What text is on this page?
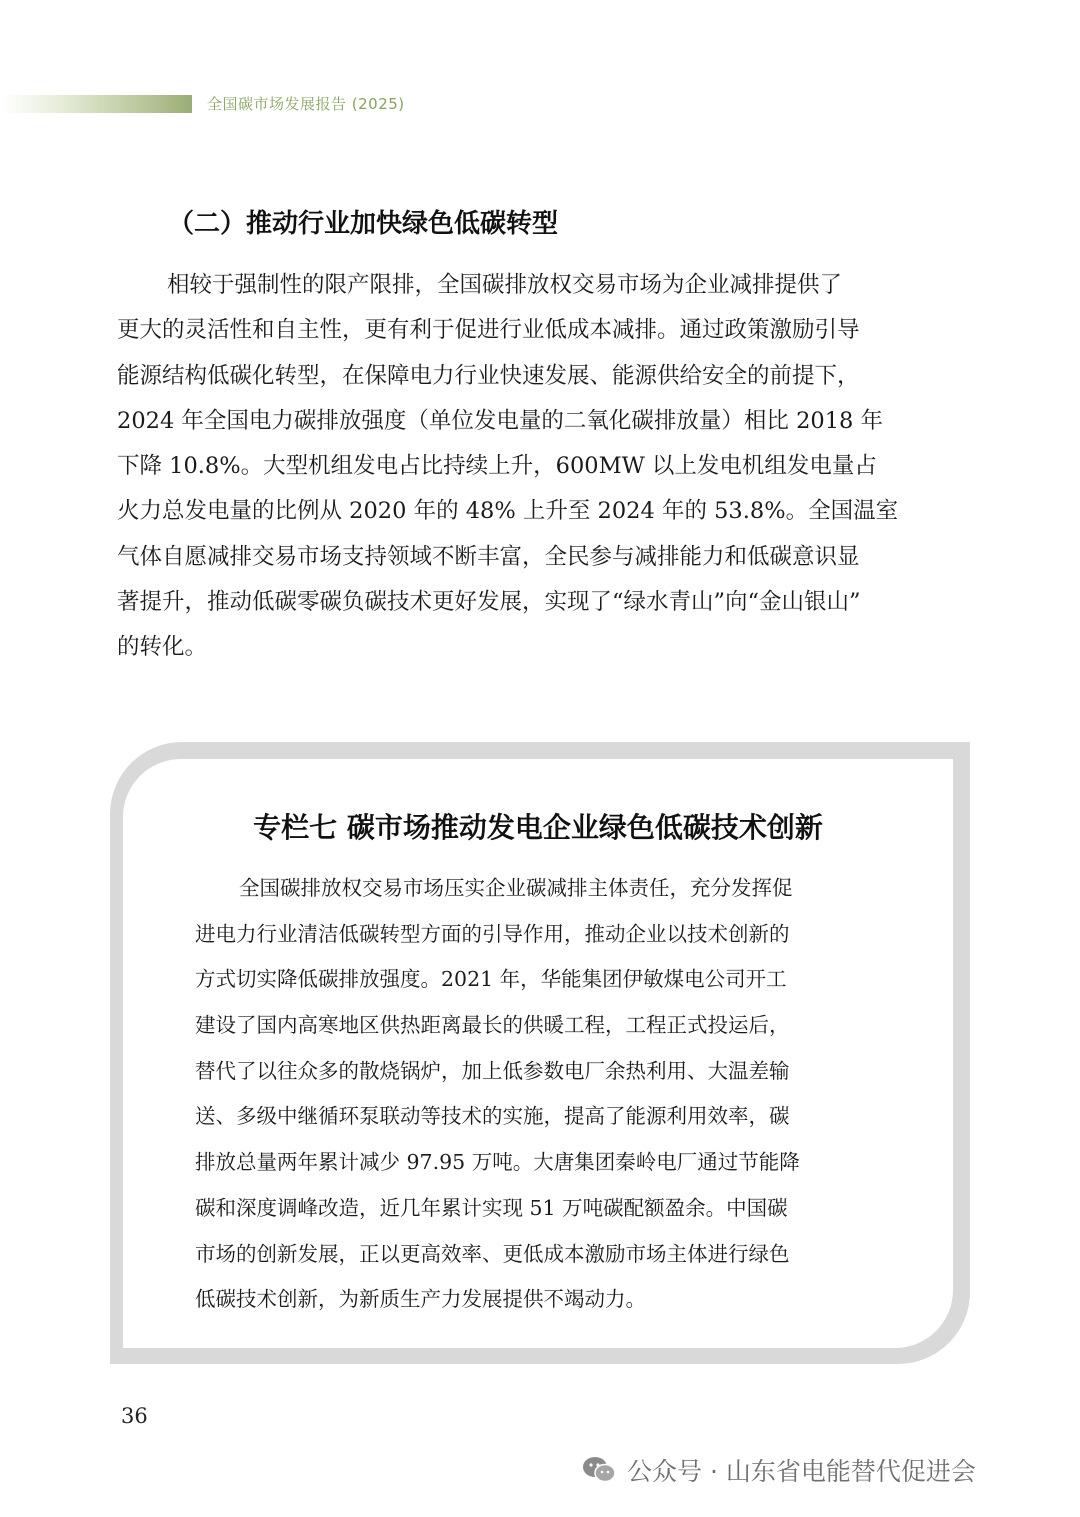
全国碳市场发展报告 (2025)
（二）推动行业加快绿色低碳转型
相较于强制性的限产限排，全国碳排放权交易市场为企业减排提供了
更大的灵活性和自主性，更有利于促进行业低成本减排。通过政策激励引导
能源结构低碳化转型，在保障电力行业快速发展、能源供给安全的前提下，
2024 年全国电力碳排放强度（单位发电量的二氧化碳排放量）相比 2018 年
下降 10.8%。大型机组发电占比持续上升，600MW 以上发电机组发电量占
火力总发电量的比例从 2020 年的 48% 上升至 2024 年的 53.8%。全国温室
气体自愿减排交易市场支持领域不断丰富，全民参与减排能力和低碳意识显
著提升，推动低碳零碳负碳技术更好发展，实现了“绿水青山”向“金山银山”
的转化。
专栏七 碳市场推动发电企业绿色低碳技术创新
全国碳排放权交易市场压实企业碳减排主体责任，充分发挥促
进电力行业清洁低碳转型方面的引导作用，推动企业以技术创新的
方式切实降低碳排放强度。2021 年，华能集团伊敏煤电公司开工
建设了国内高寒地区供热距离最长的供暖工程，工程正式投运后，
替代了以往众多的散烧锅炉，加上低参数电厂余热利用、大温差输
送、多级中继循环泵联动等技术的实施，提高了能源利用效率，碳
排放总量两年累计减少 97.95 万吨。大唐集团秦岭电厂通过节能降
碳和深度调峰改造，近几年累计实现 51 万吨碳配额盈余。中国碳
市场的创新发展，正以更高效率、更低成本激励市场主体进行绿色
低碳技术创新，为新质生产力发展提供不竭动力。
36
公众号 · 山东省电能替代促进会
